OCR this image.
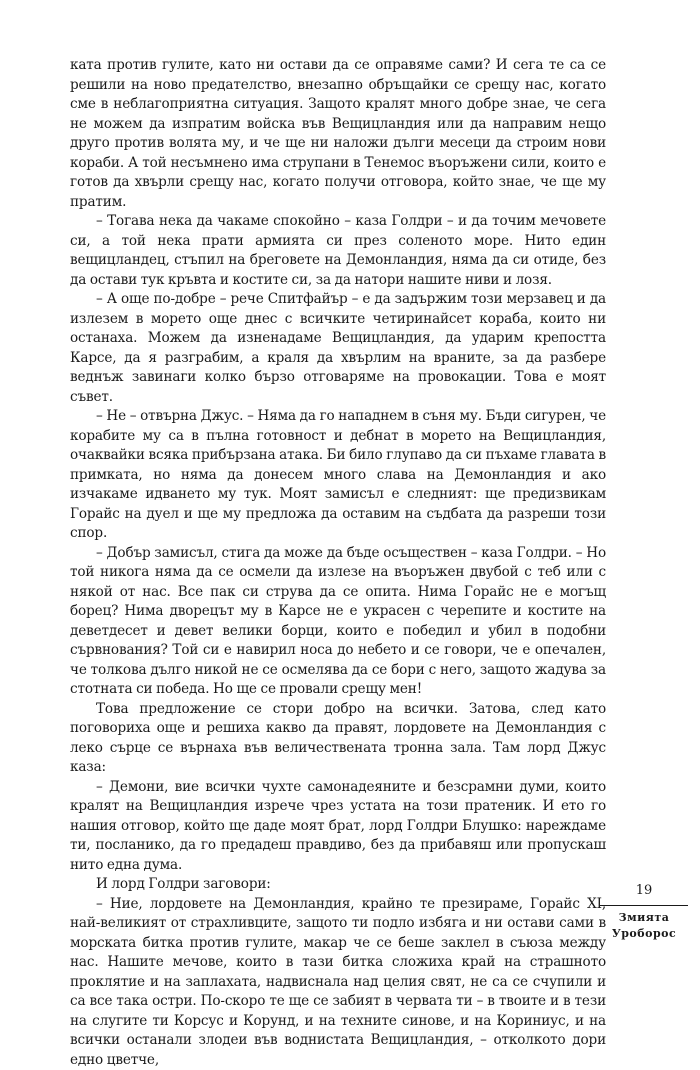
ката против гулите, като ни остави да се оправяме сами? И сега те са се решили на ново предателство, внезапно обръщайки се срещу нас, когато сме в неблагоприятна ситуация. Защото кралят много добре знае, че сега не можем да изпратим войска във Вещицландия или да направим нещо друго против волята му, и че ще ни наложи дълги месеци да строим нови кораби. А той несъмнено има струпани в Тенемос въоръжени сили, които е готов да хвърли срещу нас, когато получи отговора, който знае, че ще му пратим.

– Тогава нека да чакаме спокойно – каза Голдри – и да точим мечовете си, а той нека прати армията си през соленото море. Нито един вещицландец, стъпил на бреговете на Демонландия, няма да си отиде, без да остави тук кръвта и костите си, за да натори нашите ниви и лозя.

– А още по-добре – рече Спитфайър – е да задържим този мерзавец и да излезем в морето още днес с всичките четиринайсет кораба, които ни останаха. Можем да изненадаме Вещицландия, да ударим крепостта Карсе, да я разграбим, а краля да хвърлим на враните, за да разбере веднъж завинаги колко бързо отговаряме на провокации. Това е моят съвет.

– Не – отвърна Джус. – Няма да го нападнем в съня му. Бъди сигурен, че корабите му са в пълна готовност и дебнат в морето на Вещицландия, очаквайки всяка прибързана атака. Би било глупаво да си пъхаме главата в примката, но няма да донесем много слава на Демонландия и ако изчакаме идването му тук. Моят замисъл е следният: ще предизвикам Горайс на дуел и ще му предложа да оставим на съдбата да разреши този спор.

– Добър замисъл, стига да може да бъде осъществен – каза Голдри. – Но той никога няма да се осмели да излезе на въоръжен двубой с теб или с някой от нас. Все пак си струва да се опита. Нима Горайс не е могъщ борец? Нима дворецът му в Карсе не е украсен с черепите и костите на деветдесет и девет велики борци, които е победил и убил в подобни сървнования? Той си е навирил носа до небето и се говори, че е опечален, че толкова дълго никой не се осмелява да се бори с него, защото жадува за стотната си победа. Но ще се провали срещу мен!

Това предложение се стори добро на всички. Затова, след като поговориха още и решиха какво да правят, лордовете на Демонландия с леко сърце се върнаха във величествената тронна зала. Там лорд Джус каза:

– Демони, вие всички чухте самонадеяните и безсрамни думи, които кралят на Вещицландия изрече чрез устата на този пратеник. И ето го нашия отговор, който ще даде моят брат, лорд Голдри Блушко: нареждаме ти, посланико, да го предадеш правдиво, без да прибавяш или пропускаш нито една дума.

И лорд Голдри заговори:

– Ние, лордовете на Демонландия, крайно те презираме, Горайс XI, най-великият от страхливците, защото ти подло избяга и ни остави сами в морската битка против гулите, макар че се беше заклел в съюза между нас. Нашите мечове, които в тази битка сложиха край на страшното проклятие и на заплахата, надвиснала над целия свят, не са се счупили и са все така остри. По-скоро те ще се забият в червата ти – в твоите и в тези на слугите ти Корсус и Корунд, и на техните синове, и на Кориниус, и на всички останали злодеи във воднистата Вещицландия, – отколкото дори едно цветче,

19
Змията Уроборос
